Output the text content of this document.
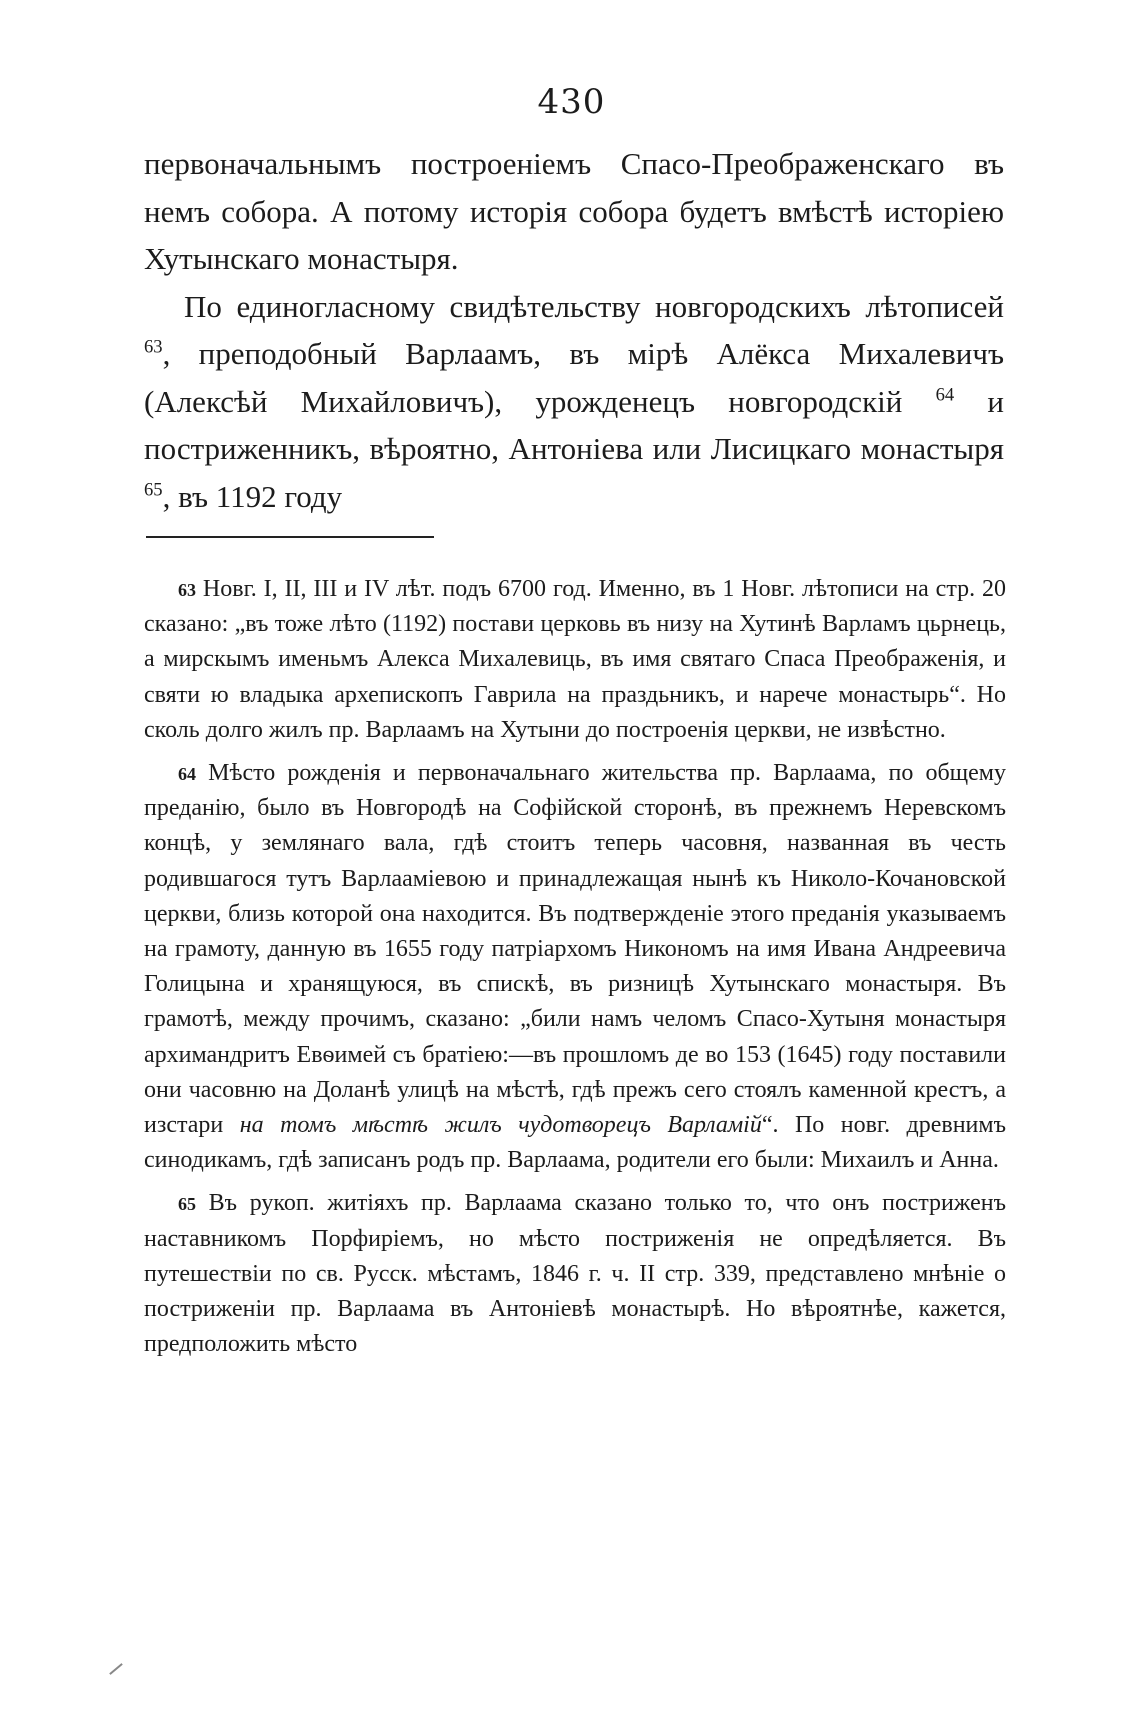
430

первоначальнымъ построеніемъ Спасо-Преображенскаго въ немъ собора. А потому исторія собора будетъ вмѣстѣ исторіею Хутынскаго монастыря.

По единогласному свидѣтельству новгородскихъ лѣтописей $^{63}$, преподобный Варлаамъ, въ мірѣ Алёкса Михалевичъ (Алексѣй Михайловичъ), урожденецъ новгородскій $^{64}$ и постриженникъ, вѣроятно, Антоніева или Лисицкаго монастыря $^{65}$, въ 1192 году

63 Новг. I, II, III и IV лѣт. подъ 6700 год. Именно, въ 1 Новг. лѣтописи на стр. 20 сказано: „въ тоже лѣто (1192) постави церковь въ низу на Хутинѣ Варламъ цьрнець, а мирскымъ именьмъ Алекса Михалевиць, въ имя святаго Спаса Преображенія, и святи ю владыка архепископъ Гаврила на праздьникъ, и нарече монастырь“. Но сколь долго жилъ пр. Варлаамъ на Хутыни до построенія церкви, не извѣстно.

64 Мѣсто рожденія и первоначальнаго жительства пр. Варлаама, по общему преданію, было въ Новгородѣ на Софійской сторонѣ, въ прежнемъ Неревскомъ концѣ, у землянаго вала, гдѣ стоитъ теперь часовня, названная въ честь родившагося тутъ Варлааміевою и принадлежащая нынѣ къ Николо-Кочановской церкви, близь которой она находится. Въ подтвержденіе этого преданія указываемъ на грамоту, данную въ 1655 году патріархомъ Никономъ на имя Ивана Андреевича Голицына и хранящуюся, въ спискѣ, въ ризницѣ Хутынскаго монастыря. Въ грамотѣ, между прочимъ, сказано: „били намъ челомъ Спасо-Хутыня монастыря архимандритъ Евѳимей съ братіею:—въ прошломъ де во 153 (1645) году поставили они часовню на Доланѣ улицѣ на мѣстѣ, гдѣ прежъ сего стоялъ каменной крестъ, а изстари на томъ мѣстѣ жилъ чудотворецъ Варламій“. По новг. древнимъ синодикамъ, гдѣ записанъ родъ пр. Варлаама, родители его были: Михаилъ и Анна.

65 Въ рукоп. житіяхъ пр. Варлаама сказано только то, что онъ постриженъ наставникомъ Порфиріемъ, но мѣсто постриженія не опредѣляется. Въ путешествіи по св. Русск. мѣстамъ, 1846 г. ч. II стр. 339, представлено мнѣніе о постриженіи пр. Варлаама въ Антоніевѣ монастырѣ. Но вѣроятнѣе, кажется, предположить мѣсто
